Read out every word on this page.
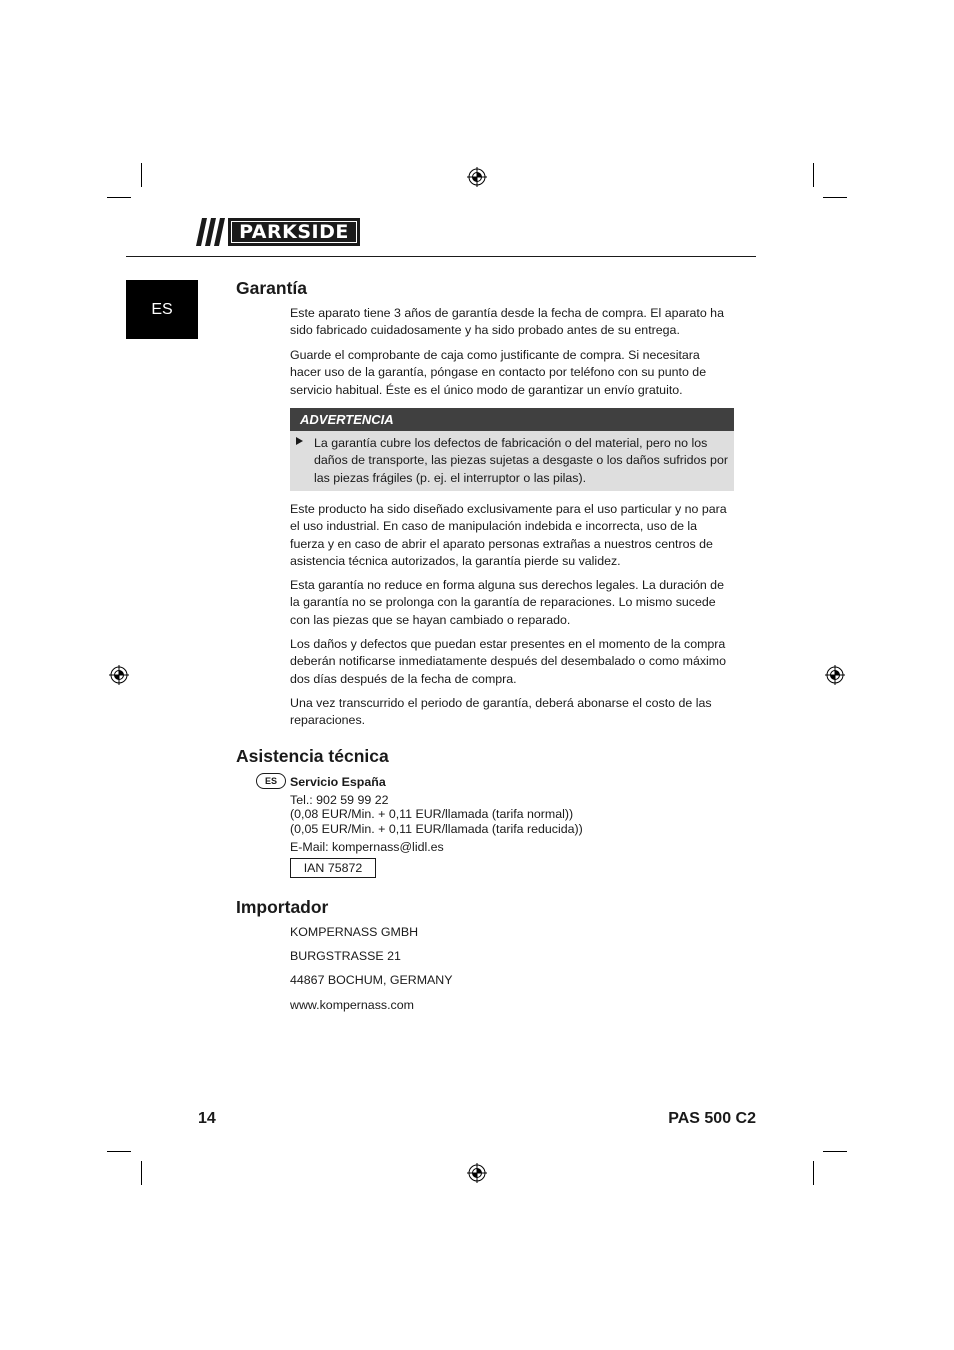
PARKSIDE
ES
Garantía

Este aparato tiene 3 años de garantía desde la fecha de compra. El aparato ha sido fabricado cuidadosamente y ha sido probado antes de su entrega.

Guarde el comprobante de caja como justificante de compra. Si necesitara hacer uso de la garantía, póngase en contacto por teléfono con su punto de servicio habitual. Éste es el único modo de garantizar un envío gratuito.

ADVERTENCIA
La garantía cubre los defectos de fabricación o del material, pero no los daños de transporte, las piezas sujetas a desgaste o los daños sufridos por las piezas frágiles (p. ej. el interruptor o las pilas).

Este producto ha sido diseñado exclusivamente para el uso particular y no para el uso industrial. En caso de manipulación indebida e incorrecta, uso de la fuerza y en caso de abrir el aparato personas extrañas a nuestros centros de asistencia técnica autorizados, la garantía pierde su validez.

Esta garantía no reduce en forma alguna sus derechos legales. La duración de la garantía no se prolonga con la garantía de reparaciones. Lo mismo sucede con las piezas que se hayan cambiado o reparado.

Los daños y defectos que puedan estar presentes en el momento de la compra deberán notificarse inmediatamente después del desembalado o como máximo dos días después de la fecha de compra.

Una vez transcurrido el periodo de garantía, deberá abonarse el costo de las reparaciones.

Asistencia técnica
ES	Servicio España
Tel.: 902 59 99 22
(0,08 EUR/Min. + 0,11 EUR/llamada (tarifa normal))
(0,05 EUR/Min. + 0,11 EUR/llamada (tarifa reducida))
E-Mail: kompernass@lidl.es
IAN 75872
Importador
KOMPERNASS GMBH
BURGSTRASSE 21
44867 BOCHUM, GERMANY
www.kompernass.com
14	PAS 500 C2
